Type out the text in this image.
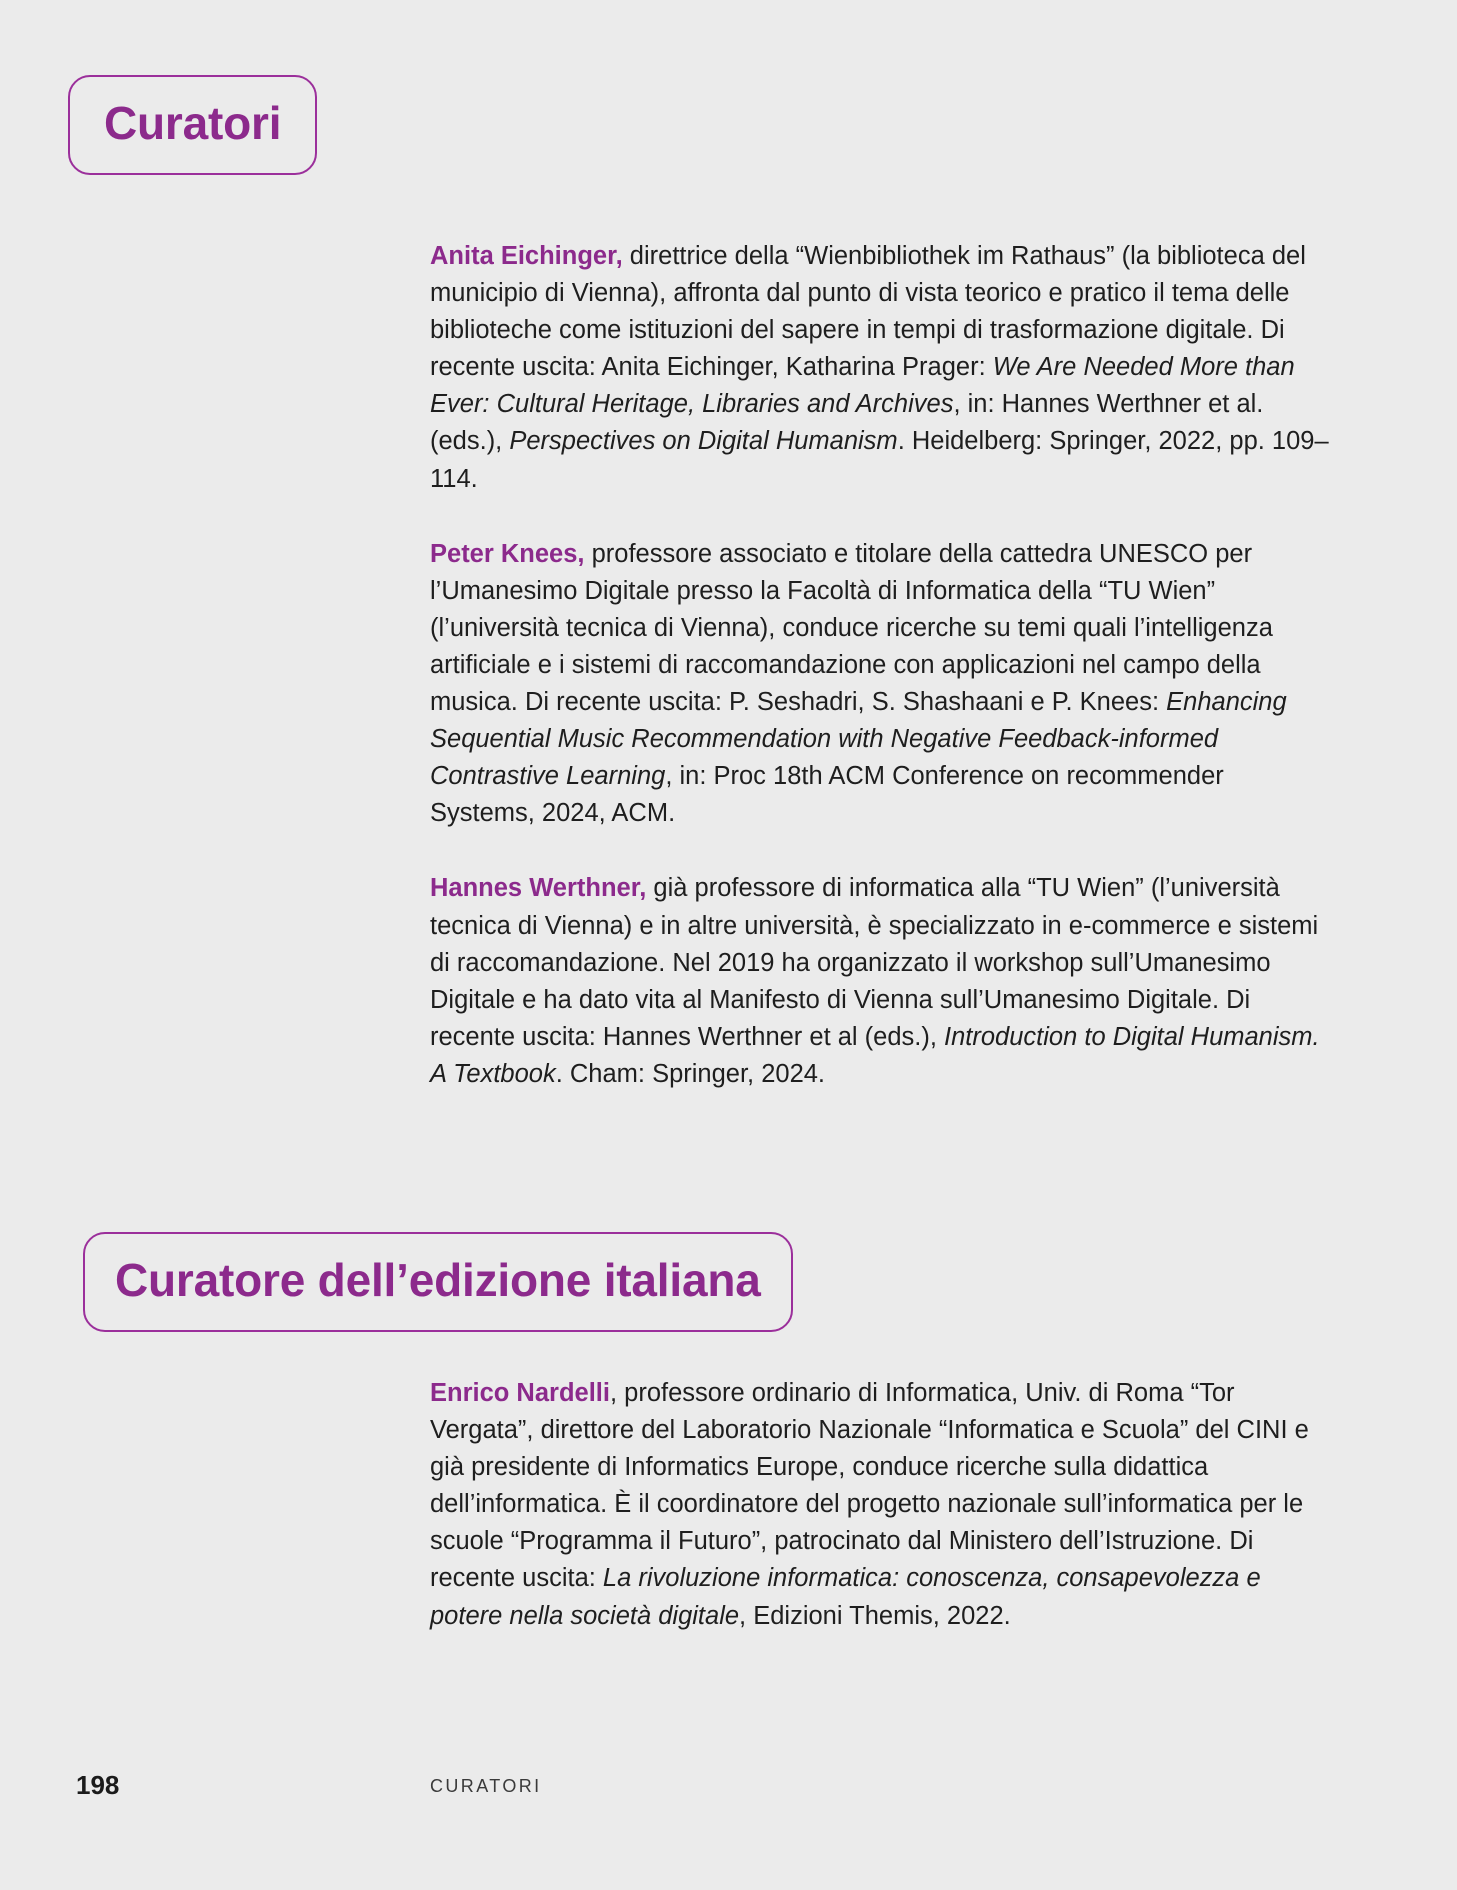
Curatori

Anita Eichinger, direttrice della “Wienbibliothek im Rathaus” (la biblioteca del municipio di Vienna), affronta dal punto di vista teorico e pratico il tema delle biblioteche come istituzioni del sapere in tempi di trasformazione digitale. Di recente uscita: Anita Eichinger, Katharina Prager: We Are Needed More than Ever: Cultural Heritage, Libraries and Archives, in: Hannes Werthner et al. (eds.), Perspectives on Digital Humanism. Heidelberg: Springer, 2022, pp. 109–114.

Peter Knees, professore associato e titolare della cattedra UNESCO per l’Umanesimo Digitale presso la Facoltà di Informatica della “TU Wien” (l’università tecnica di Vienna), conduce ricerche su temi quali l’intelligenza artificiale e i sistemi di raccomandazione con applicazioni nel campo della musica. Di recente uscita: P. Seshadri, S. Shashaani e P. Knees: Enhancing Sequential Music Recommendation with Negative Feedback-informed Contrastive Learning, in: Proc 18th ACM Conference on recommender Systems, 2024, ACM.

Hannes Werthner, già professore di informatica alla “TU Wien” (l’università tecnica di Vienna) e in altre università, è specializzato in e-commerce e sistemi di raccomandazione. Nel 2019 ha organizzato il workshop sull’Umanesimo Digitale e ha dato vita al Manifesto di Vienna sull’Umanesimo Digitale. Di recente uscita: Hannes Werthner et al (eds.), Introduction to Digital Humanism. A Textbook. Cham: Springer, 2024.

Curatore dell’edizione italiana

Enrico Nardelli, professore ordinario di Informatica, Univ. di Roma “Tor Vergata”, direttore del Laboratorio Nazionale “Informatica e Scuola” del CINI e già presidente di Informatics Europe, conduce ricerche sulla didattica dell’informatica. È il coordinatore del progetto nazionale sull’informatica per le scuole “Programma il Futuro”, patrocinato dal Ministero dell’Istruzione. Di recente uscita: La rivoluzione informatica: conoscenza, consapevolezza e potere nella società digitale, Edizioni Themis, 2022.

198	CURATORI
